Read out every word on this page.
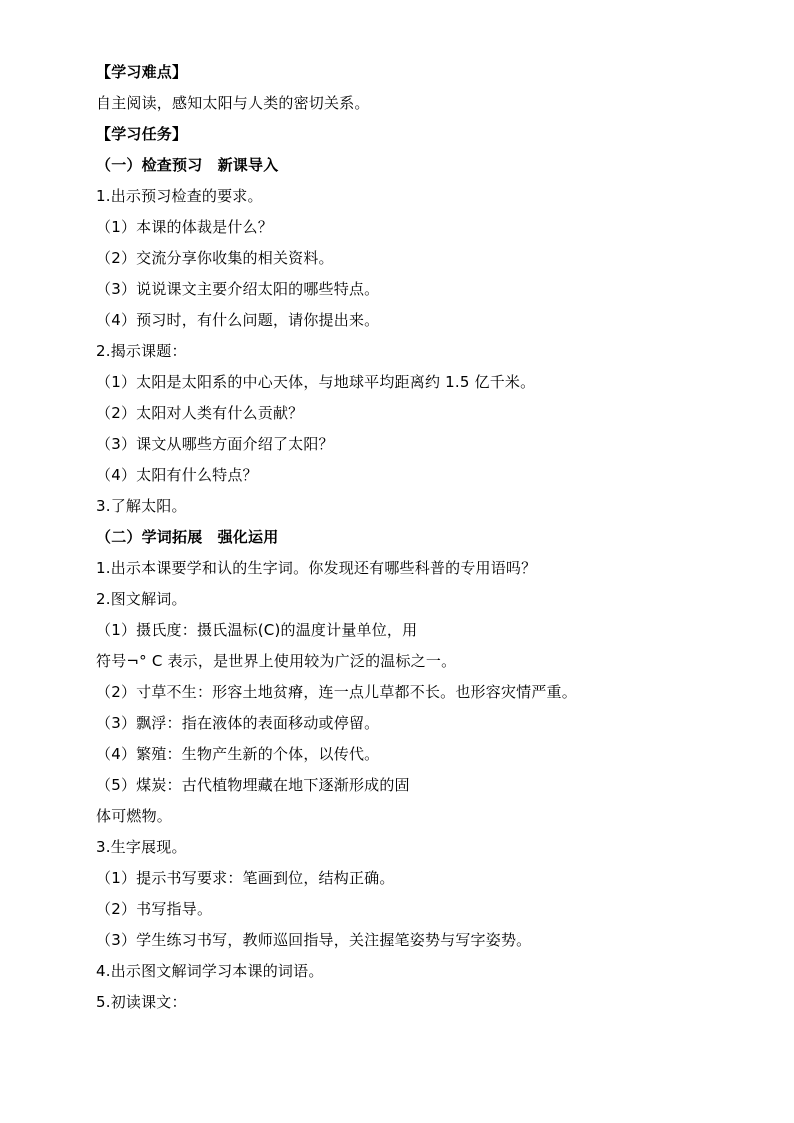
【学习难点】
自主阅读，感知太阳与人类的密切关系。
【学习任务】
（一）检查预习　新课导入
1.出示预习检查的要求。
（1）本课的体裁是什么？
（2）交流分享你收集的相关资料。
（3）说说课文主要介绍太阳的哪些特点。
（4）预习时，有什么问题，请你提出来。
2.揭示课题：
（1）太阳是太阳系的中心天体，与地球平均距离约 1.5 亿千米。
（2）太阳对人类有什么贡献？
（3）课文从哪些方面介绍了太阳？
（4）太阳有什么特点？
3.了解太阳。
（二）学词拓展　强化运用
1.出示本课要学和认的生字词。你发现还有哪些科普的专用语吗？
2.图文解词。
（1）摄氏度：摄氏温标(C)的温度计量单位，用
符号¬° C 表示，是世界上使用较为广泛的温标之一。
（2）寸草不生：形容土地贫瘠，连一点儿草都不长。也形容灾情严重。
（3）飘浮：指在液体的表面移动或停留。
（4）繁殖：生物产生新的个体，以传代。
（5）煤炭：古代植物埋藏在地下逐渐形成的固
体可燃物。
3.生字展现。
（1）提示书写要求：笔画到位，结构正确。
（2）书写指导。
（3）学生练习书写，教师巡回指导，关注握笔姿势与写字姿势。
4.出示图文解词学习本课的词语。
5.初读课文：
